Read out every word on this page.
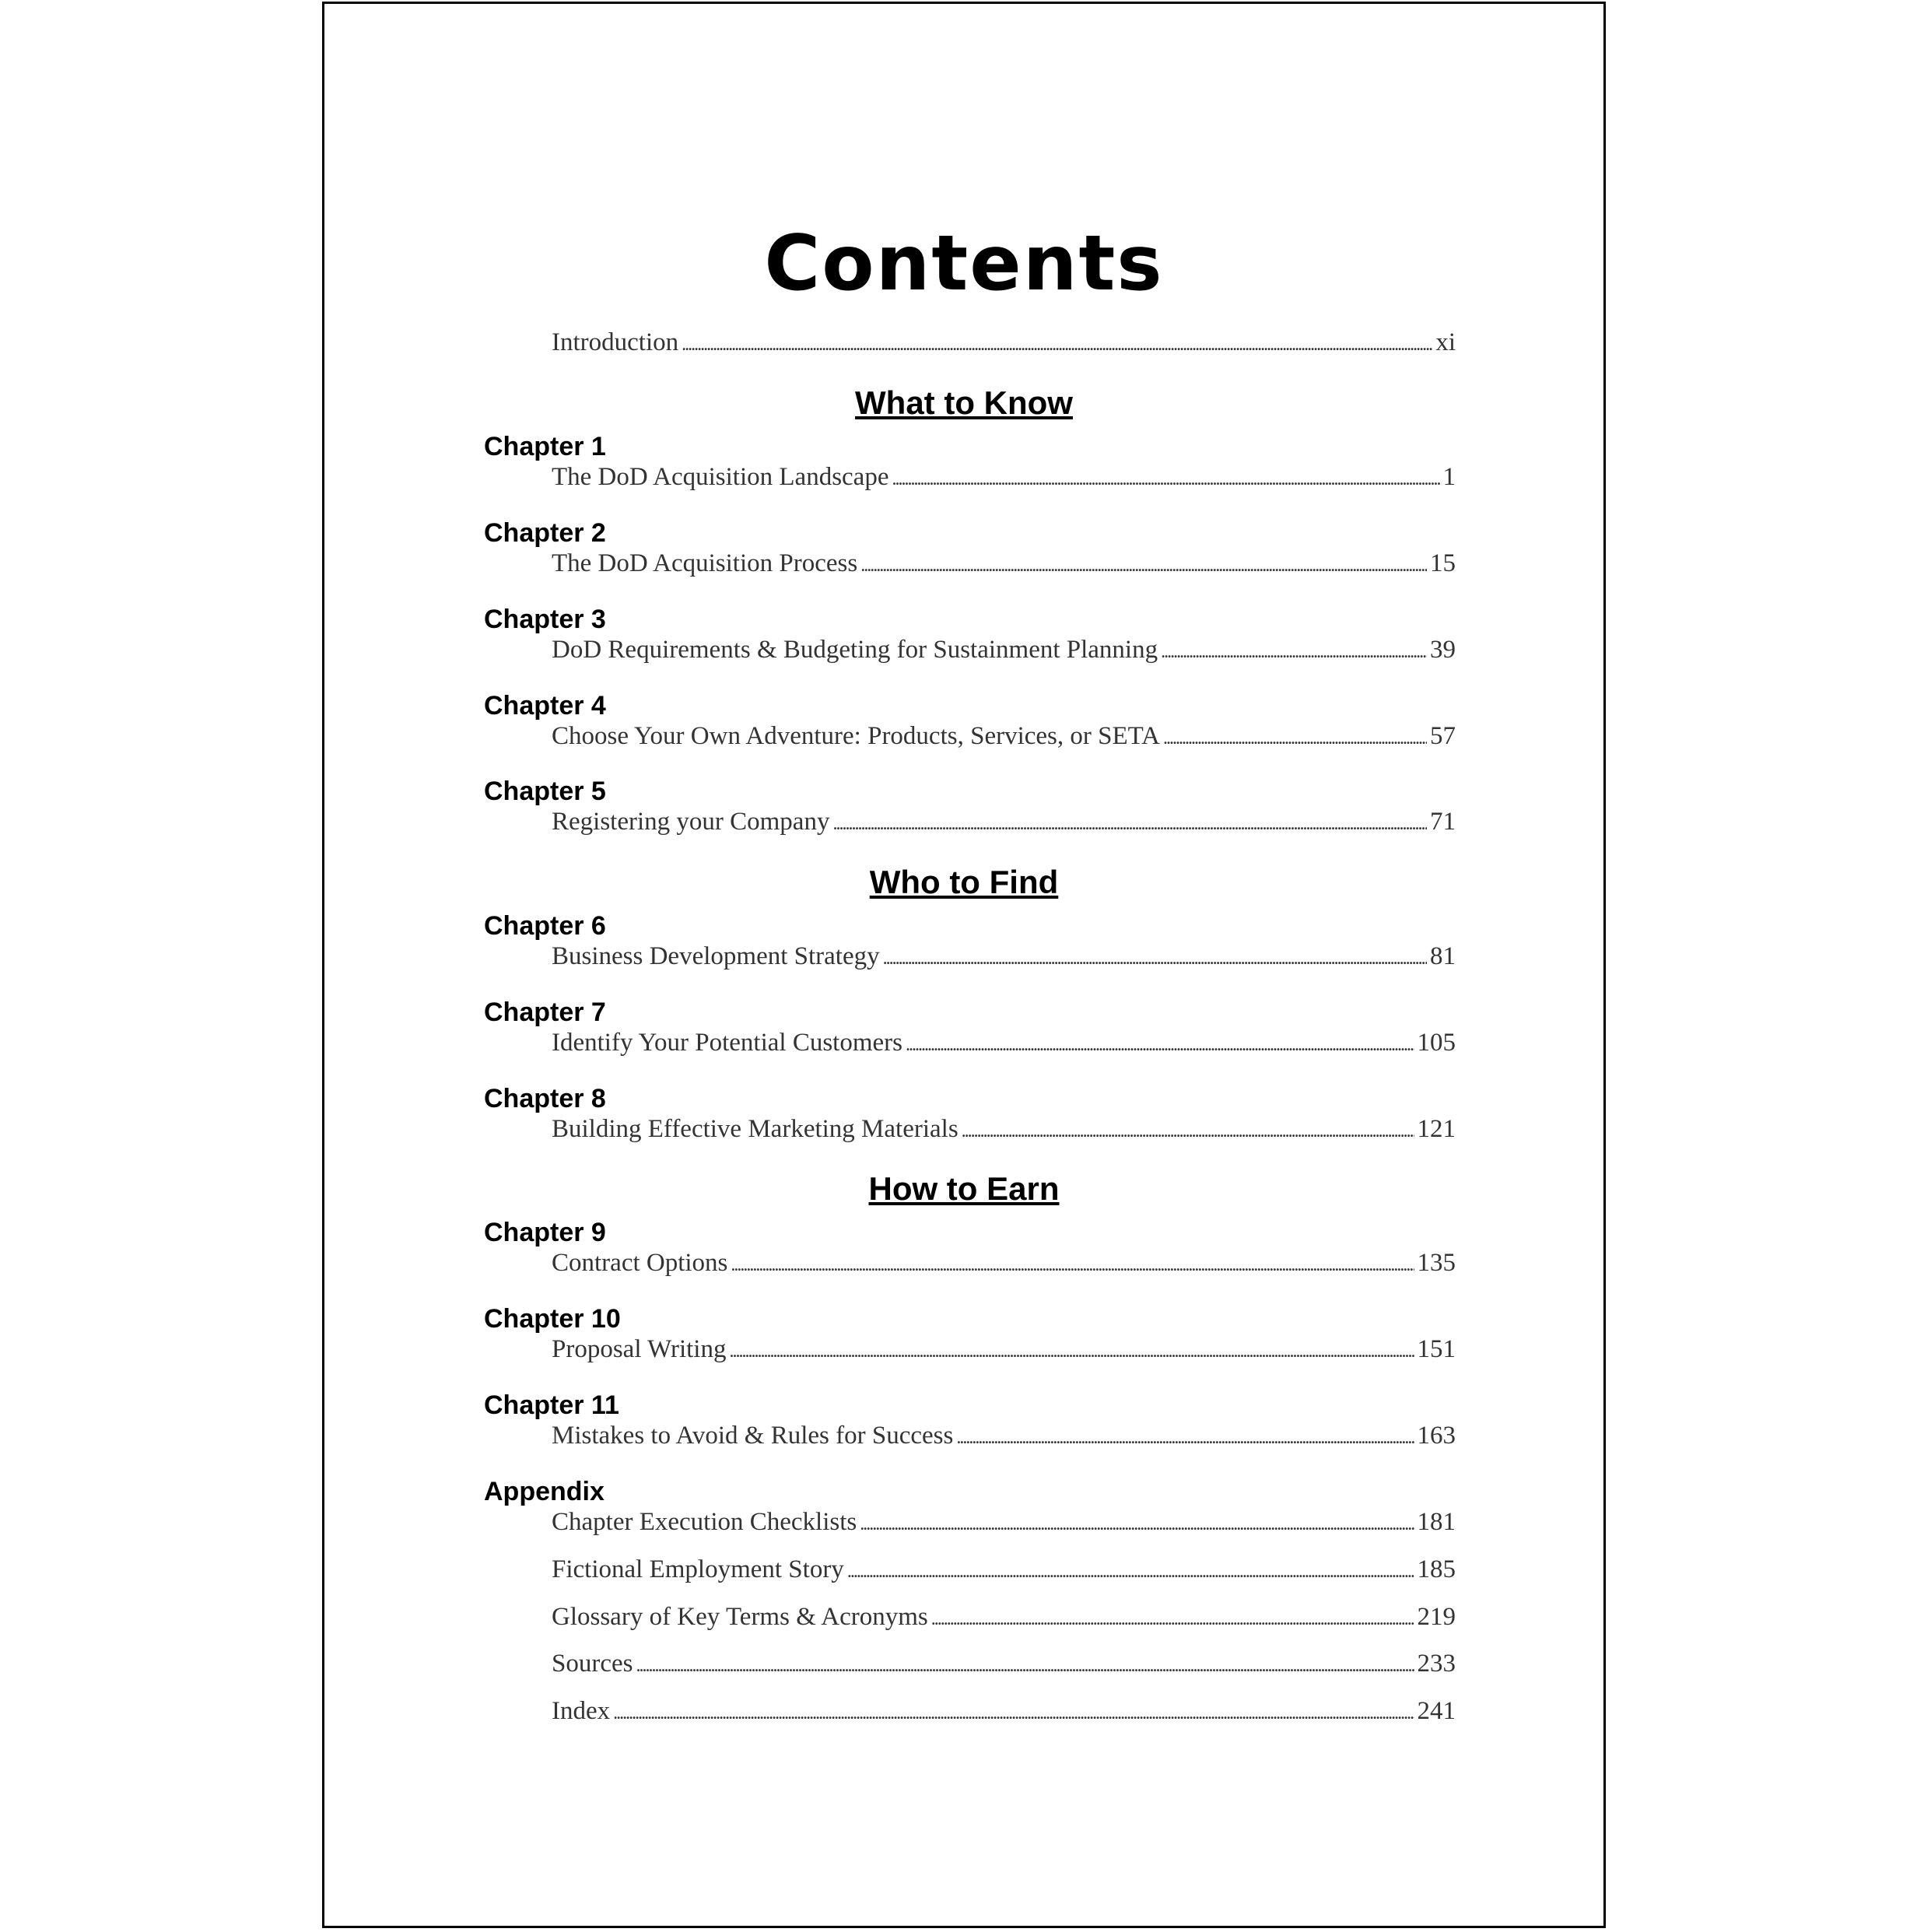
Contents
Introduction . . .	xi
What to Know
Chapter 1
The DoD Acquisition Landscape . . .	1
Chapter 2
The DoD Acquisition Process . . .	15
Chapter 3
DoD Requirements & Budgeting for Sustainment Planning . . .	39
Chapter 4
Choose Your Own Adventure: Products, Services, or SETA . . .	57
Chapter 5
Registering your Company . . .	71
Who to Find
Chapter 6
Business Development Strategy . . .	81
Chapter 7
Identify Your Potential Customers . . .	105
Chapter 8
Building Effective Marketing Materials . . .	121
How to Earn
Chapter 9
Contract Options . . .	135
Chapter 10
Proposal Writing . . .	151
Chapter 11
Mistakes to Avoid & Rules for Success . . .	163
Appendix
Chapter Execution Checklists . . .	181
Fictional Employment Story . . .	185
Glossary of Key Terms & Acronyms . . .	219
Sources . . .	233
Index . . .	241
